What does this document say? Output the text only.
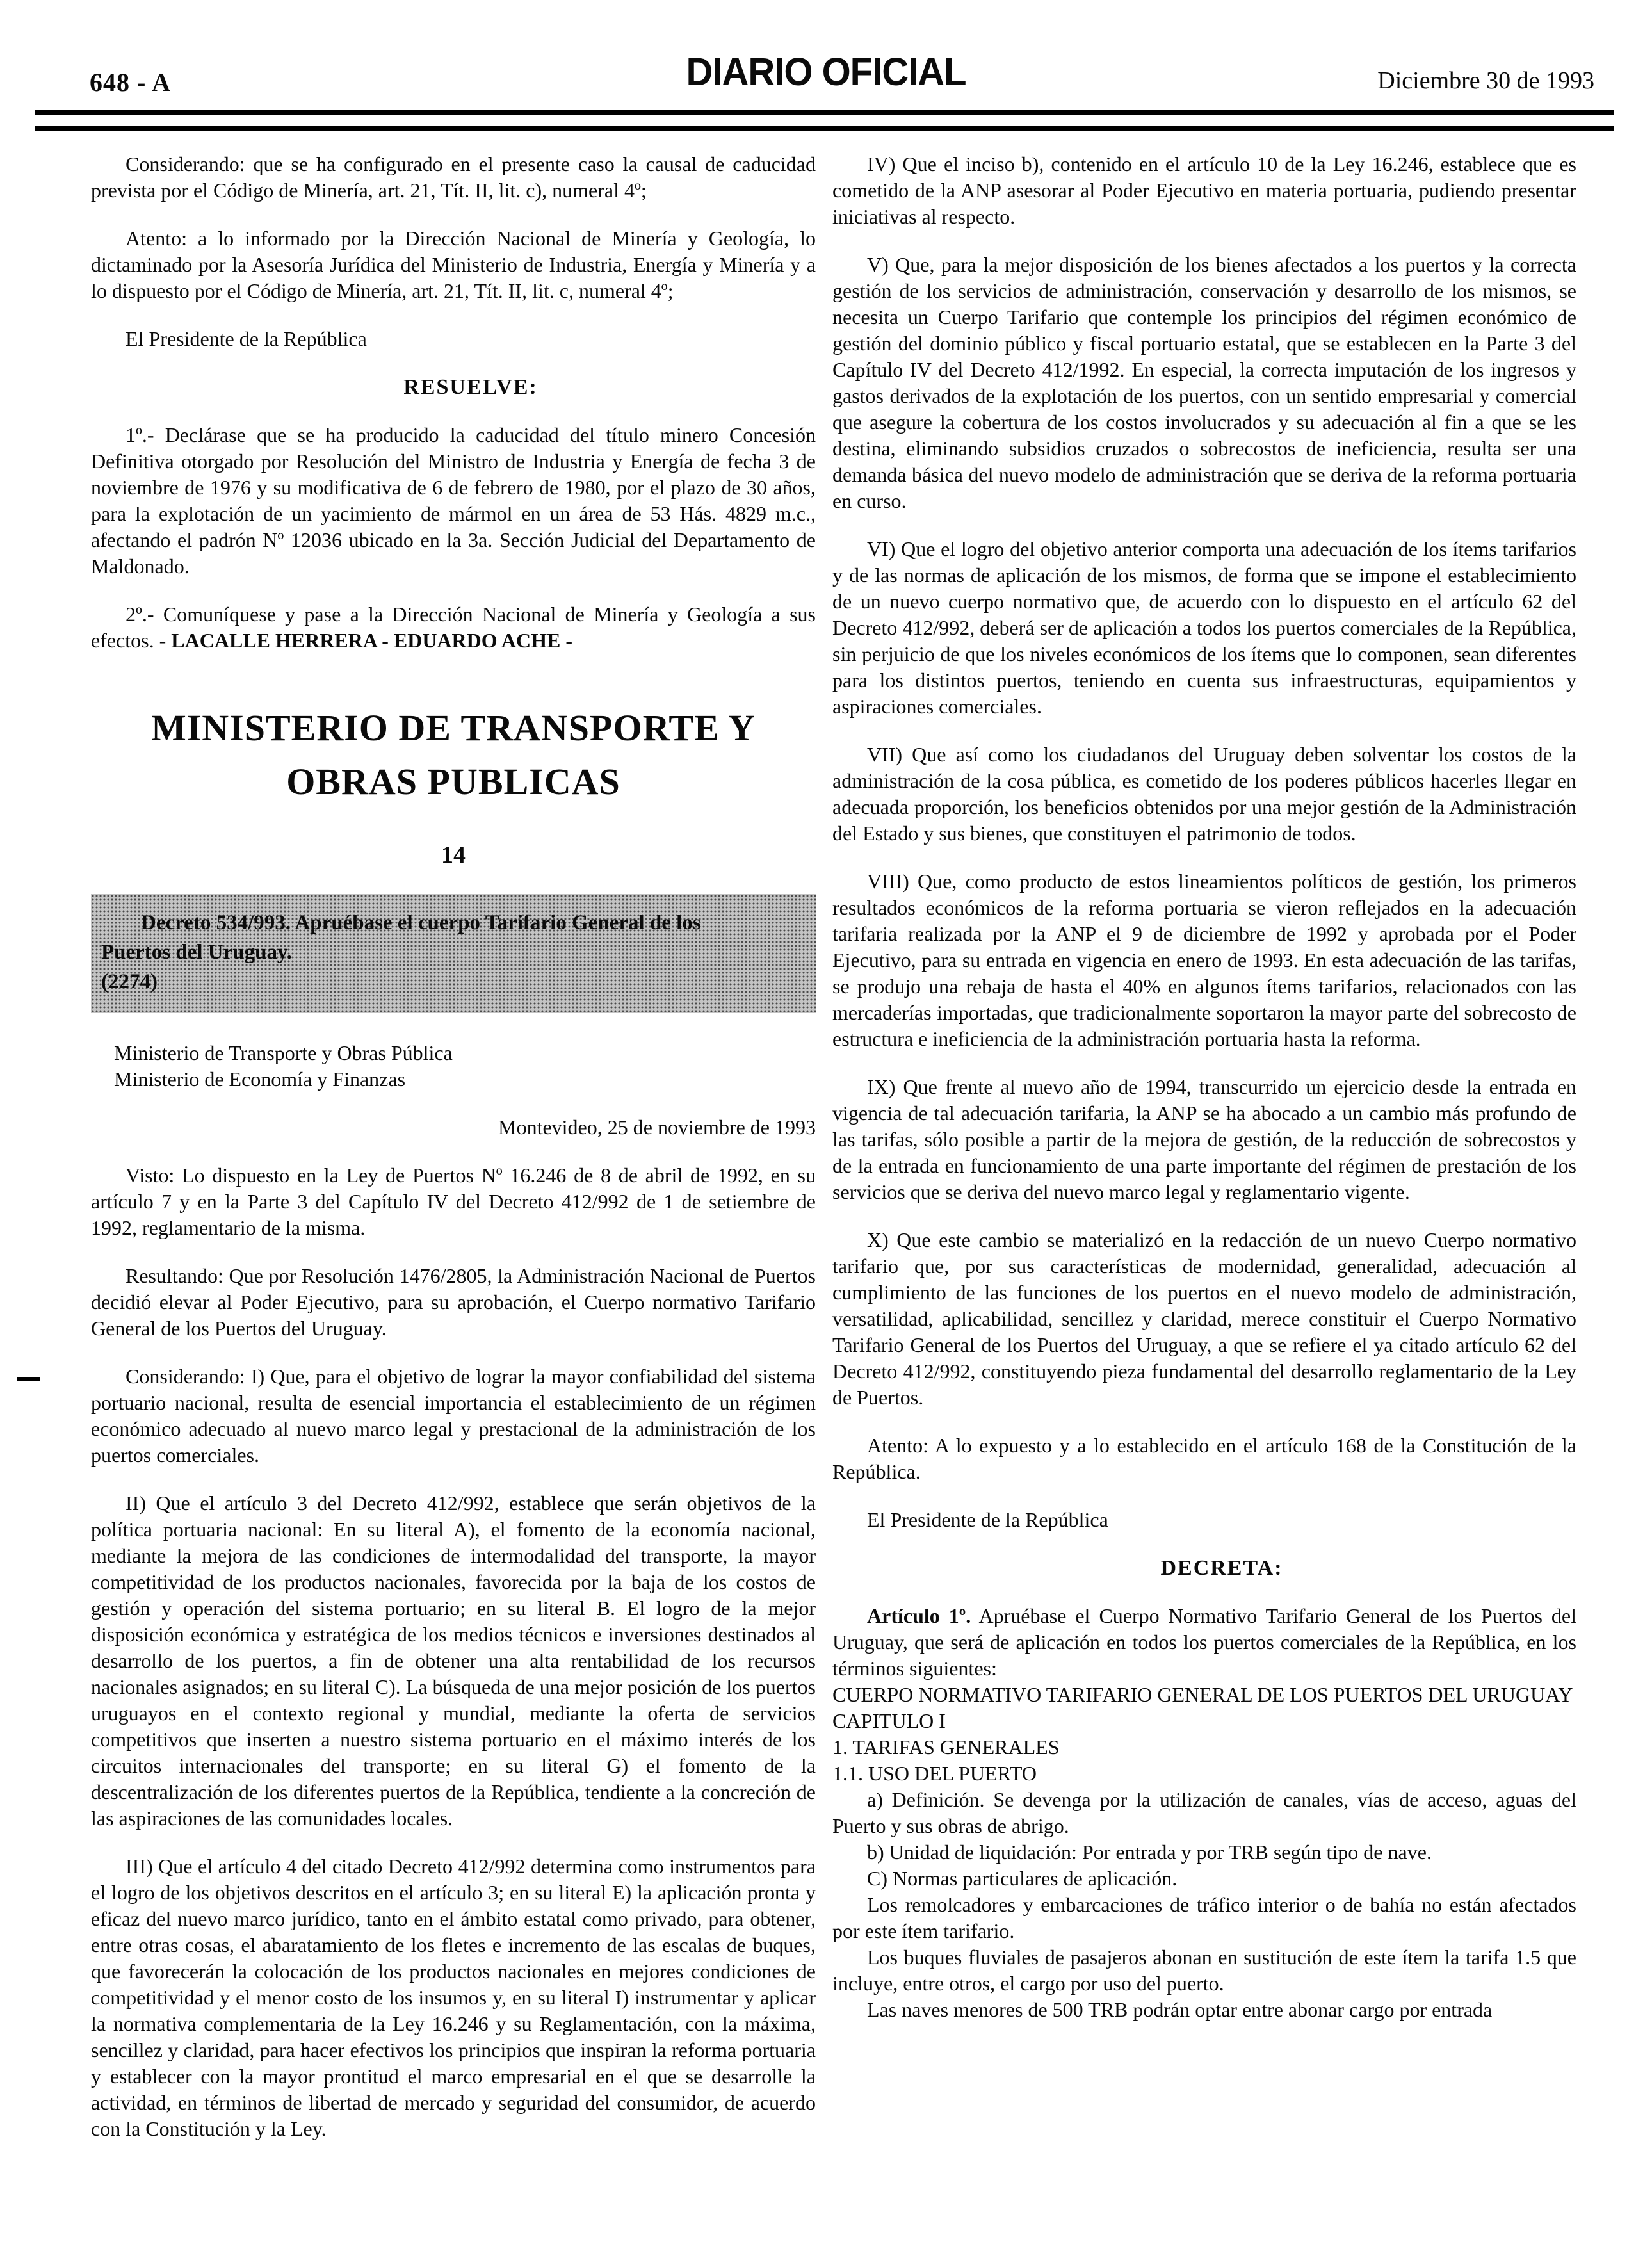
648 - A	DIARIO OFICIAL	Diciembre 30 de 1993

Considerando: que se ha configurado en el presente caso la causal de caducidad prevista por el Código de Minería, art. 21, Tít. II, lit. c), numeral 4º;

Atento: a lo informado por la Dirección Nacional de Minería y Geología, lo dictaminado por la Asesoría Jurídica del Ministerio de Industria, Energía y Minería y a lo dispuesto por el Código de Minería, art. 21, Tít. II, lit. c, numeral 4º;

El Presidente de la República

RESUELVE:

1º.- Declárase que se ha producido la caducidad del título minero Concesión Definitiva otorgado por Resolución del Ministro de Industria y Energía de fecha 3 de noviembre de 1976 y su modificativa de 6 de febrero de 1980, por el plazo de 30 años, para la explotación de un yacimiento de mármol en un área de 53 Hás. 4829 m.c., afectando el padrón Nº 12036 ubicado en la 3a. Sección Judicial del Departamento de Maldonado.

2º.- Comuníquese y pase a la Dirección Nacional de Minería y Geología a sus efectos. - LACALLE HERRERA - EDUARDO ACHE -

MINISTERIO DE TRANSPORTE Y
OBRAS PUBLICAS
14
Decreto 534/993. Apruébase el cuerpo Tarifario General de los
Puertos del Uruguay.
(2274)
Ministerio de Transporte y Obras Pública
Ministerio de Economía y Finanzas

Montevideo, 25 de noviembre de 1993

Visto: Lo dispuesto en la Ley de Puertos Nº 16.246 de 8 de abril de 1992, en su artículo 7 y en la Parte 3 del Capítulo IV del Decreto 412/992 de 1 de setiembre de 1992, reglamentario de la misma.

Resultando: Que por Resolución 1476/2805, la Administración Nacional de Puertos decidió elevar al Poder Ejecutivo, para su aprobación, el Cuerpo normativo Tarifario General de los Puertos del Uruguay.

Considerando: I) Que, para el objetivo de lograr la mayor confiabilidad del sistema portuario nacional, resulta de esencial importancia el establecimiento de un régimen económico adecuado al nuevo marco legal y prestacional de la administración de los puertos comerciales.

II) Que el artículo 3 del Decreto 412/992, establece que serán objetivos de la política portuaria nacional: En su literal A), el fomento de la economía nacional, mediante la mejora de las condiciones de intermodalidad del transporte, la mayor competitividad de los productos nacionales, favorecida por la baja de los costos de gestión y operación del sistema portuario; en su literal B. El logro de la mejor disposición económica y estratégica de los medios técnicos e inversiones destinados al desarrollo de los puertos, a fin de obtener una alta rentabilidad de los recursos nacionales asignados; en su literal C). La búsqueda de una mejor posición de los puertos uruguayos en el contexto regional y mundial, mediante la oferta de servicios competitivos que inserten a nuestro sistema portuario en el máximo interés de los circuitos internacionales del transporte; en su literal G) el fomento de la descentralización de los diferentes puertos de la República, tendiente a la concreción de las aspiraciones de las comunidades locales.

III) Que el artículo 4 del citado Decreto 412/992 determina como instrumentos para el logro de los objetivos descritos en el artículo 3; en su literal E) la aplicación pronta y eficaz del nuevo marco jurídico, tanto en el ámbito estatal como privado, para obtener, entre otras cosas, el abaratamiento de los fletes e incremento de las escalas de buques, que favorecerán la colocación de los productos nacionales en mejores condiciones de competitividad y el menor costo de los insumos y, en su literal I) instrumentar y aplicar la normativa complementaria de la Ley 16.246 y su Reglamentación, con la máxima, sencillez y claridad, para hacer efectivos los principios que inspiran la reforma portuaria y establecer con la mayor prontitud el marco empresarial en el que se desarrolle la actividad, en términos de libertad de mercado y seguridad del consumidor, de acuerdo con la Constitución y la Ley.

IV) Que el inciso b), contenido en el artículo 10 de la Ley 16.246, establece que es cometido de la ANP asesorar al Poder Ejecutivo en materia portuaria, pudiendo presentar iniciativas al respecto.

V) Que, para la mejor disposición de los bienes afectados a los puertos y la correcta gestión de los servicios de administración, conservación y desarrollo de los mismos, se necesita un Cuerpo Tarifario que contemple los principios del régimen económico de gestión del dominio público y fiscal portuario estatal, que se establecen en la Parte 3 del Capítulo IV del Decreto 412/1992. En especial, la correcta imputación de los ingresos y gastos derivados de la explotación de los puertos, con un sentido empresarial y comercial que asegure la cobertura de los costos involucrados y su adecuación al fin a que se les destina, eliminando subsidios cruzados o sobrecostos de ineficiencia, resulta ser una demanda básica del nuevo modelo de administración que se deriva de la reforma portuaria en curso.

VI) Que el logro del objetivo anterior comporta una adecuación de los ítems tarifarios y de las normas de aplicación de los mismos, de forma que se impone el establecimiento de un nuevo cuerpo normativo que, de acuerdo con lo dispuesto en el artículo 62 del Decreto 412/992, deberá ser de aplicación a todos los puertos comerciales de la República, sin perjuicio de que los niveles económicos de los ítems que lo componen, sean diferentes para los distintos puertos, teniendo en cuenta sus infraestructuras, equipamientos y aspiraciones comerciales.

VII) Que así como los ciudadanos del Uruguay deben solventar los costos de la administración de la cosa pública, es cometido de los poderes públicos hacerles llegar en adecuada proporción, los beneficios obtenidos por una mejor gestión de la Administración del Estado y sus bienes, que constituyen el patrimonio de todos.

VIII) Que, como producto de estos lineamientos políticos de gestión, los primeros resultados económicos de la reforma portuaria se vieron reflejados en la adecuación tarifaria realizada por la ANP el 9 de diciembre de 1992 y aprobada por el Poder Ejecutivo, para su entrada en vigencia en enero de 1993. En esta adecuación de las tarifas, se produjo una rebaja de hasta el 40% en algunos ítems tarifarios, relacionados con las mercaderías importadas, que tradicionalmente soportaron la mayor parte del sobrecosto de estructura e ineficiencia de la administración portuaria hasta la reforma.

IX) Que frente al nuevo año de 1994, transcurrido un ejercicio desde la entrada en vigencia de tal adecuación tarifaria, la ANP se ha abocado a un cambio más profundo de las tarifas, sólo posible a partir de la mejora de gestión, de la reducción de sobrecostos y de la entrada en funcionamiento de una parte importante del régimen de prestación de los servicios que se deriva del nuevo marco legal y reglamentario vigente.

X) Que este cambio se materializó en la redacción de un nuevo Cuerpo normativo tarifario que, por sus características de modernidad, generalidad, adecuación al cumplimiento de las funciones de los puertos en el nuevo modelo de administración, versatilidad, aplicabilidad, sencillez y claridad, merece constituir el Cuerpo Normativo Tarifario General de los Puertos del Uruguay, a que se refiere el ya citado artículo 62 del Decreto 412/992, constituyendo pieza fundamental del desarrollo reglamentario de la Ley de Puertos.

Atento: A lo expuesto y a lo establecido en el artículo 168 de la Constitución de la República.

El Presidente de la República

DECRETA:

Artículo 1º. Apruébase el Cuerpo Normativo Tarifario General de los Puertos del Uruguay, que será de aplicación en todos los puertos comerciales de la República, en los términos siguientes:

CUERPO NORMATIVO TARIFARIO GENERAL DE LOS PUERTOS DEL URUGUAY

CAPITULO I

1. TARIFAS GENERALES

1.1. USO DEL PUERTO

a) Definición. Se devenga por la utilización de canales, vías de acceso, aguas del Puerto y sus obras de abrigo.

b) Unidad de liquidación: Por entrada y por TRB según tipo de nave.

C) Normas particulares de aplicación.

Los remolcadores y embarcaciones de tráfico interior o de bahía no están afectados por este ítem tarifario.

Los buques fluviales de pasajeros abonan en sustitución de este ítem la tarifa 1.5 que incluye, entre otros, el cargo por uso del puerto.

Las naves menores de 500 TRB podrán optar entre abonar cargo por entrada
